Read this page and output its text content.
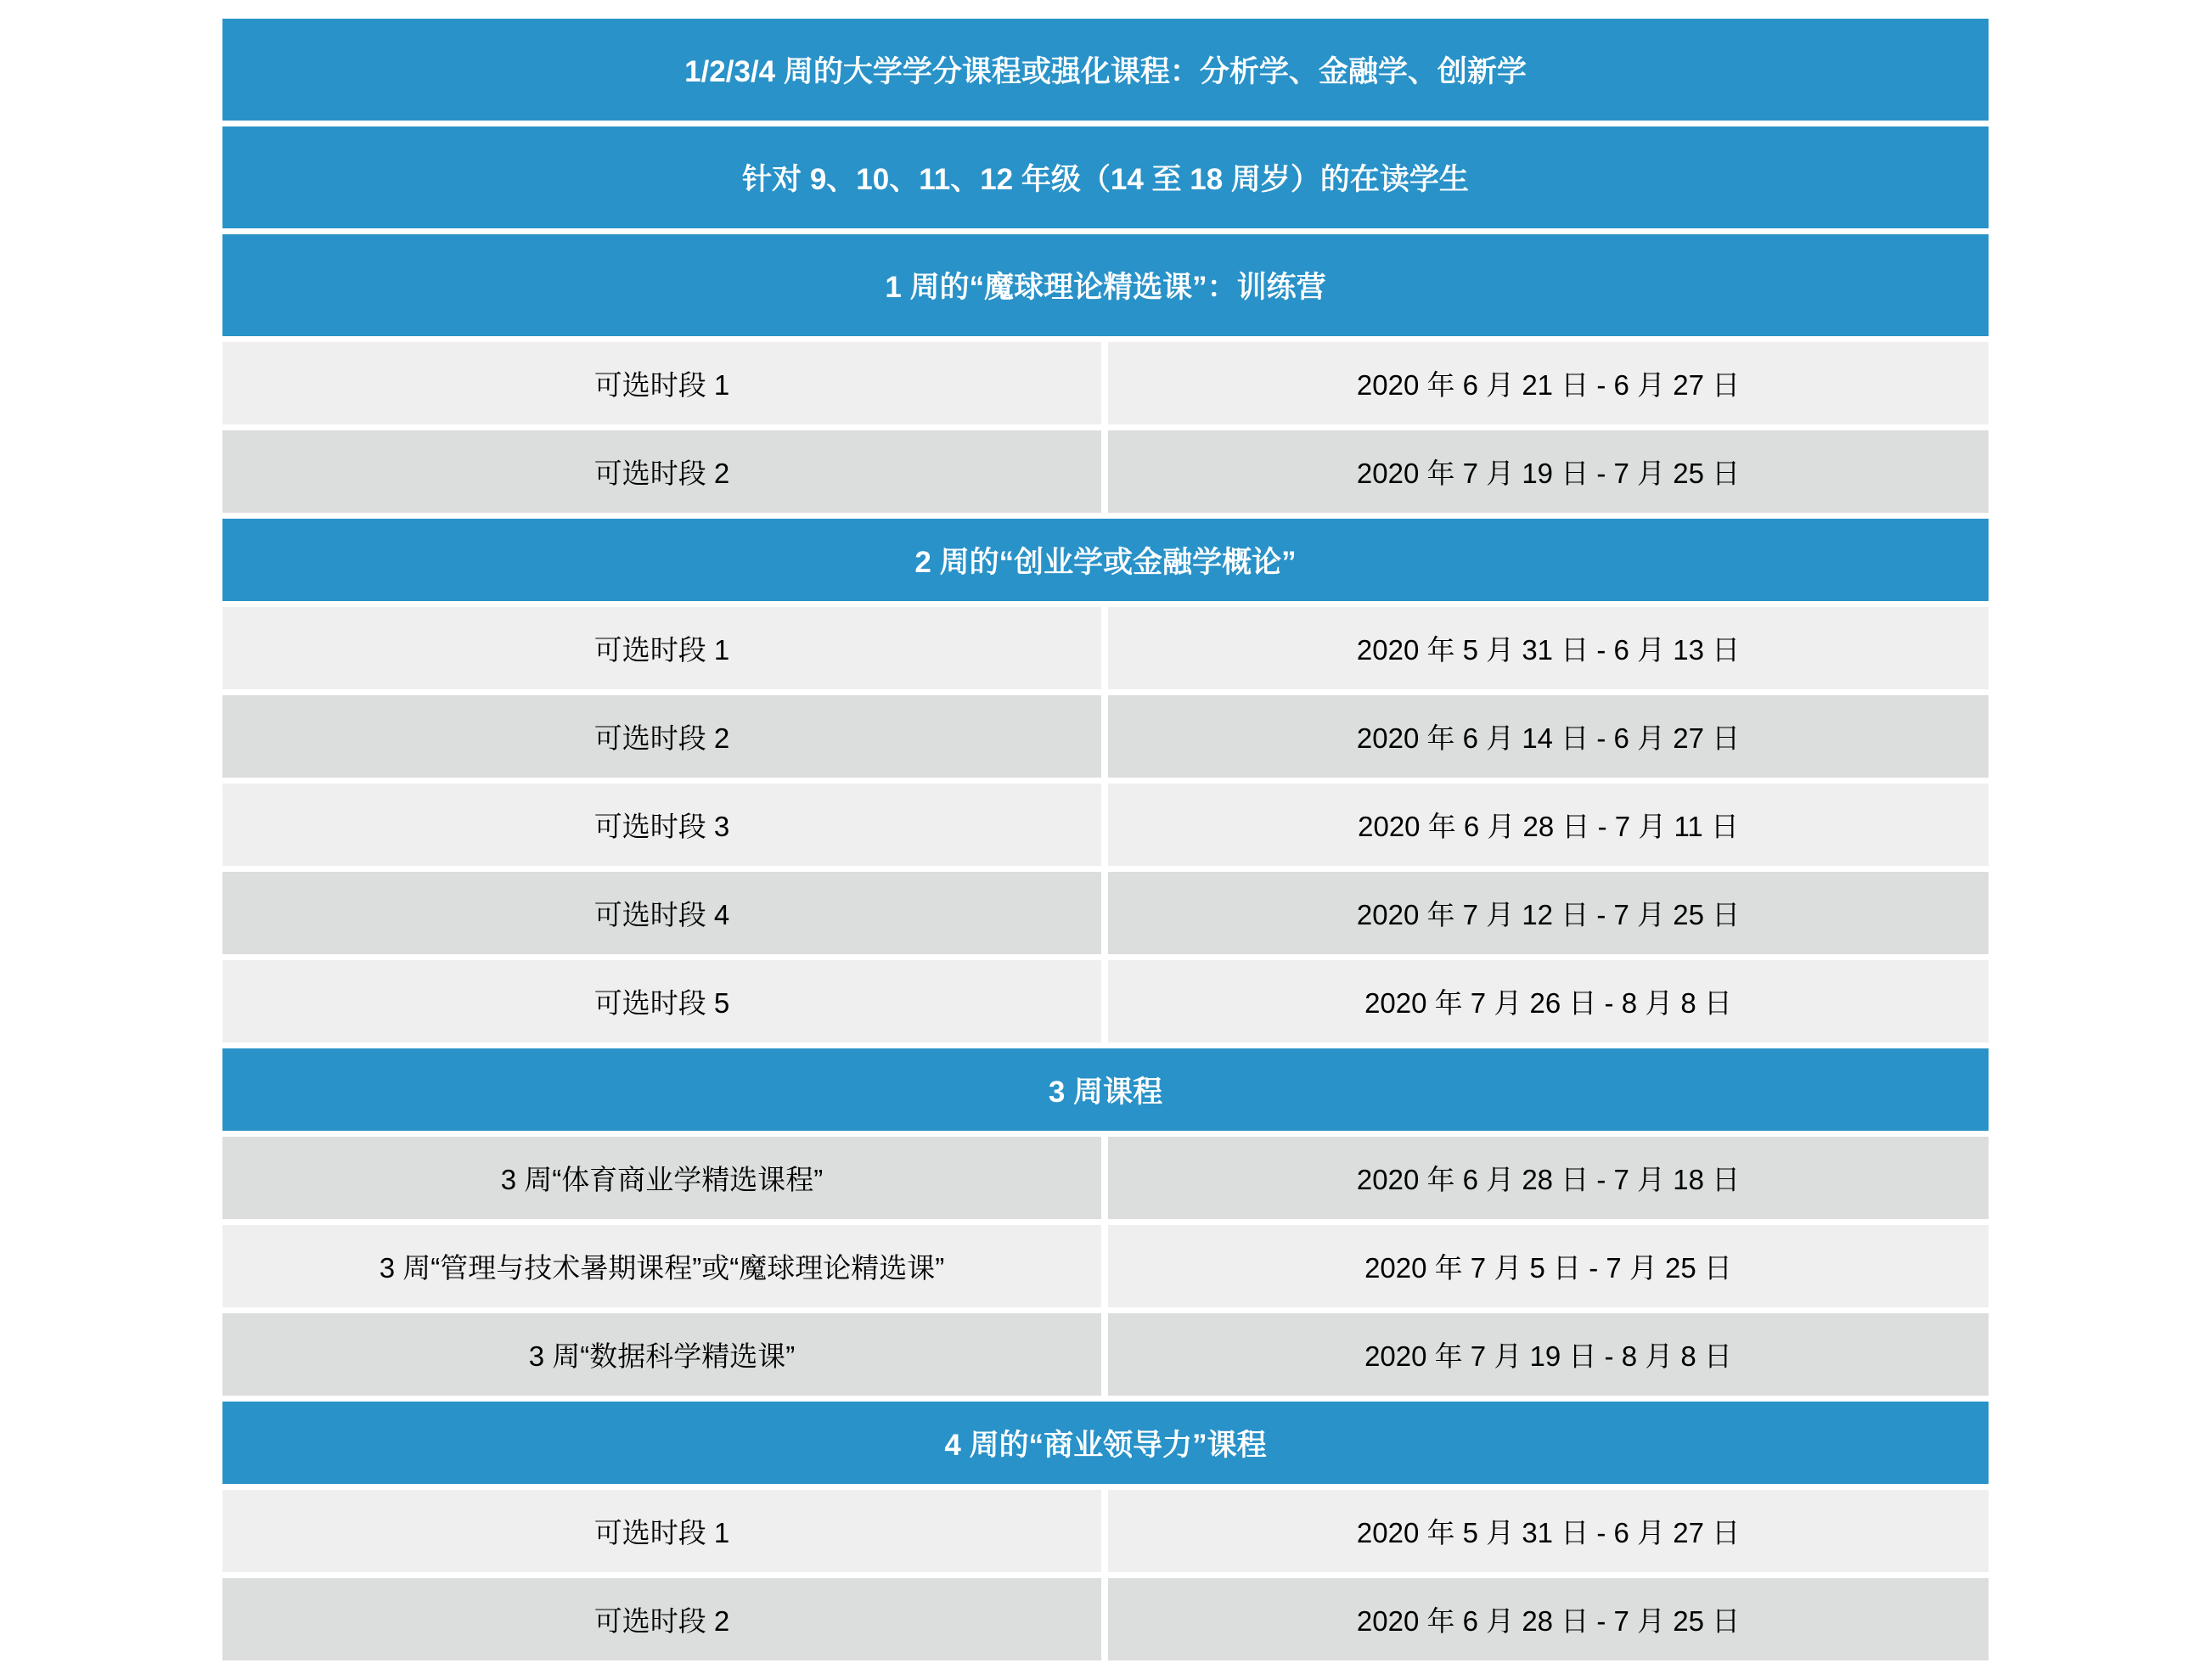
1/2/3/4 周的大学学分课程或强化课程：分析学、金融学、创新学
针对 9、10、11、12 年级（14 至 18 周岁）的在读学生
1 周的“魔球理论精选课”：训练营
可选时段 1	2020 年 6 月 21 日 - 6 月 27 日
可选时段 2	2020 年 7 月 19 日 - 7 月 25 日
2 周的“创业学或金融学概论”
可选时段 1	2020 年 5 月 31 日 - 6 月 13 日
可选时段 2	2020 年 6 月 14 日 - 6 月 27 日
可选时段 3	2020 年 6 月 28 日 - 7 月 11 日
可选时段 4	2020 年 7 月 12 日 - 7 月 25 日
可选时段 5	2020 年 7 月 26 日 - 8 月 8 日
3 周课程
3 周“体育商业学精选课程”	2020 年 6 月 28 日 - 7 月 18 日
3 周“管理与技术暑期课程”或“魔球理论精选课”	2020 年 7 月 5 日 - 7 月 25 日
3 周“数据科学精选课”	2020 年 7 月 19 日 - 8 月 8 日
4 周的“商业领导力”课程
可选时段 1	2020 年 5 月 31 日 - 6 月 27 日
可选时段 2	2020 年 6 月 28 日 - 7 月 25 日
